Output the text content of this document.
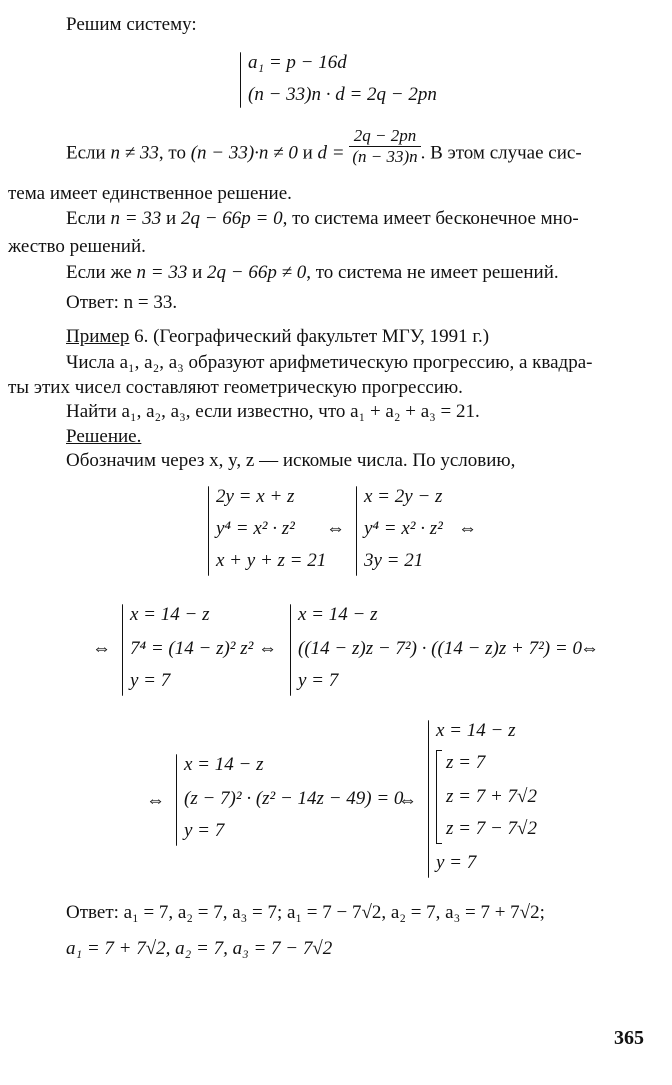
Решим систему:
a₁ = p − 16d
(n − 33)n · d = 2q − 2pn
Если n ≠ 33, то (n − 33)·n ≠ 0 и $d = \frac{2q - 2pn}{(n - 33)n}$ . В этом случае сис-
тема имеет единственное решение.
Если n = 33 и 2q − 66p = 0, то система имеет бесконечное мно-
жество решений.
Если же n = 33 и 2q − 66p ≠ 0, то система не имеет решений.
Ответ: n = 33.
Пример 6. (Географический факультет МГУ, 1991 г.)
Числа a₁, a₂, a₃ образуют арифметическую прогрессию, а квадра-
ты этих чисел составляют геометрическую прогрессию.
Найти a₁, a₂, a₃, если известно, что a₁ + a₂ + a₃ = 21.
Решение.
Обозначим через x, y, z — искомые числа. По условию,
2y = x + z
y⁴ = x² · z²
x + y + z = 21
⇔
x = 2y − z
y⁴ = x² · z²
3y = 21
⇔
⇔
x = 14 − z
7⁴ = (14 − z)² z²
y = 7
⇔
x = 14 − z
((14 − z)z − 7²) · ((14 − z)z + 7²) = 0
y = 7
⇔
⇔
x = 14 − z
(z − 7)² · (z² − 14z − 49) = 0
y = 7
⇔
x = 14 − z
z = 7
z = 7 + 7√2
z = 7 − 7√2
y = 7
Ответ: a₁ = 7, a₂ = 7, a₃ = 7; a₁ = 7 − 7√2, a₂ = 7, a₃ = 7 + 7√2;
a₁ = 7 + 7√2, a₂ = 7, a₃ = 7 − 7√2
365
